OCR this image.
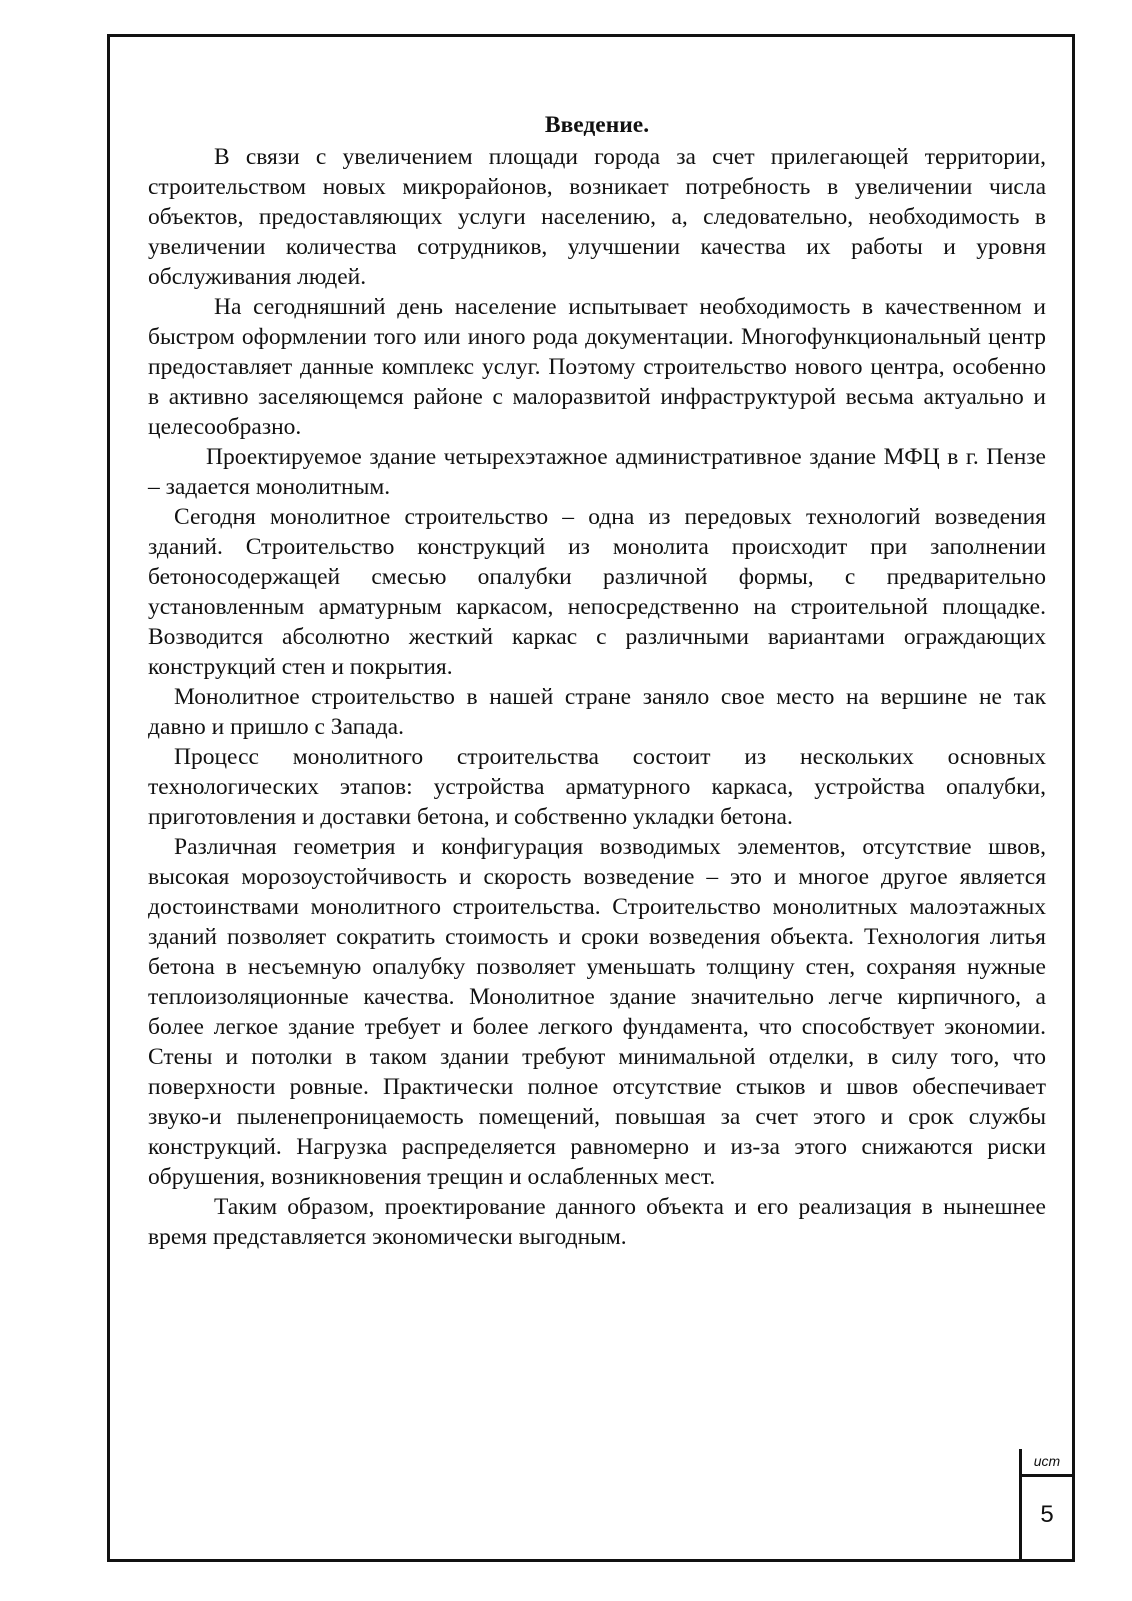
Введение.

В связи с увеличением площади города за счет прилегающей территории, строительством новых микрорайонов, возникает потребность в увеличении числа объектов, предоставляющих услуги населению, а, следовательно, необходимость в увеличении количества сотрудников, улучшении качества их работы и уровня обслуживания людей.

На сегодняшний день население испытывает необходимость в качественном и быстром оформлении того или иного рода документации. Многофункциональный центр предоставляет данные комплекс услуг. Поэтому строительство нового центра, особенно в активно заселяющемся районе с малоразвитой инфраструктурой весьма актуально и целесообразно.

Проектируемое здание четырехэтажное административное здание МФЦ в г. Пензе – задается монолитным.

Сегодня монолитное строительство – одна из передовых технологий возведения зданий. Строительство конструкций из монолита происходит при заполнении бетоносодержащей смесью опалубки различной формы, с предварительно установленным арматурным каркасом, непосредственно на строительной площадке. Возводится абсолютно жесткий каркас с различными вариантами ограждающих конструкций стен и покрытия.

Монолитное строительство в нашей стране заняло свое место на вершине не так давно и пришло с Запада.

Процесс монолитного строительства состоит из нескольких основных технологических этапов: устройства арматурного каркаса, устройства опалубки, приготовления и доставки бетона, и собственно укладки бетона.

Различная геометрия и конфигурация возводимых элементов, отсутствие швов, высокая морозоустойчивость и скорость возведение – это и многое другое является достоинствами монолитного строительства. Строительство монолитных малоэтажных зданий позволяет сократить стоимость и сроки возведения объекта. Технология литья бетона в несъемную опалубку позволяет уменьшать толщину стен, сохраняя нужные теплоизоляционные качества. Монолитное здание значительно легче кирпичного, а более легкое здание требует и более легкого фундамента, что способствует экономии. Стены и потолки в таком здании требуют минимальной отделки, в силу того, что поверхности ровные. Практически полное отсутствие стыков и швов обеспечивает звуко-и пыленепроницаемость помещений, повышая за счет этого и срок службы конструкций. Нагрузка распределяется равномерно и из-за этого снижаются риски обрушения, возникновения трещин и ослабленных мест.

Таким образом, проектирование данного объекта и его реализация в нынешнее время представляется экономически выгодным.

ист
5
